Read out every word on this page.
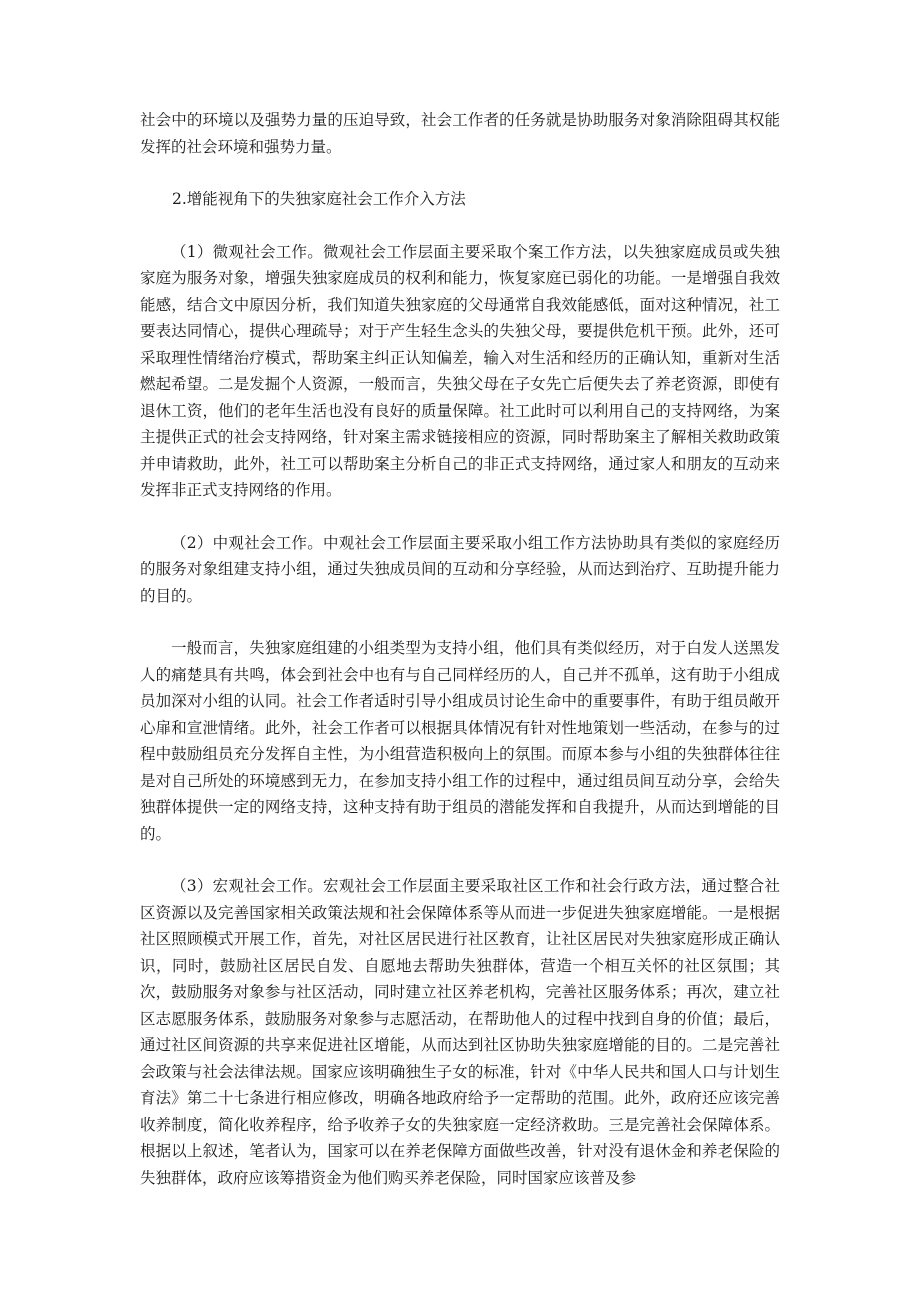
社会中的环境以及强势力量的压迫导致，社会工作者的任务就是协助服务对象消除阻碍其权能发挥的社会环境和强势力量。

2.增能视角下的失独家庭社会工作介入方法

（1）微观社会工作。微观社会工作层面主要采取个案工作方法，以失独家庭成员或失独家庭为服务对象，增强失独家庭成员的权利和能力，恢复家庭已弱化的功能。一是增强自我效能感，结合文中原因分析，我们知道失独家庭的父母通常自我效能感低，面对这种情况，社工要表达同情心，提供心理疏导；对于产生轻生念头的失独父母，要提供危机干预。此外，还可采取理性情绪治疗模式，帮助案主纠正认知偏差，输入对生活和经历的正确认知，重新对生活燃起希望。二是发掘个人资源，一般而言，失独父母在子女先亡后便失去了养老资源，即使有退休工资，他们的老年生活也没有良好的质量保障。社工此时可以利用自己的支持网络，为案主提供正式的社会支持网络，针对案主需求链接相应的资源，同时帮助案主了解相关救助政策并申请救助，此外，社工可以帮助案主分析自己的非正式支持网络，通过家人和朋友的互动来发挥非正式支持网络的作用。

（2）中观社会工作。中观社会工作层面主要采取小组工作方法协助具有类似的家庭经历的服务对象组建支持小组，通过失独成员间的互动和分享经验，从而达到治疗、互助提升能力的目的。

一般而言，失独家庭组建的小组类型为支持小组，他们具有类似经历，对于白发人送黑发人的痛楚具有共鸣，体会到社会中也有与自己同样经历的人，自己并不孤单，这有助于小组成员加深对小组的认同。社会工作者适时引导小组成员讨论生命中的重要事件，有助于组员敞开心扉和宣泄情绪。此外，社会工作者可以根据具体情况有针对性地策划一些活动，在参与的过程中鼓励组员充分发挥自主性，为小组营造积极向上的氛围。而原本参与小组的失独群体往往是对自己所处的环境感到无力，在参加支持小组工作的过程中，通过组员间互动分享，会给失独群体提供一定的网络支持，这种支持有助于组员的潜能发挥和自我提升，从而达到增能的目的。

（3）宏观社会工作。宏观社会工作层面主要采取社区工作和社会行政方法，通过整合社区资源以及完善国家相关政策法规和社会保障体系等从而进一步促进失独家庭增能。一是根据社区照顾模式开展工作，首先，对社区居民进行社区教育，让社区居民对失独家庭形成正确认识，同时，鼓励社区居民自发、自愿地去帮助失独群体，营造一个相互关怀的社区氛围；其次，鼓励服务对象参与社区活动，同时建立社区养老机构，完善社区服务体系；再次，建立社区志愿服务体系，鼓励服务对象参与志愿活动，在帮助他人的过程中找到自身的价值；最后，通过社区间资源的共享来促进社区增能，从而达到社区协助失独家庭增能的目的。二是完善社会政策与社会法律法规。国家应该明确独生子女的标准，针对《中华人民共和国人口与计划生育法》第二十七条进行相应修改，明确各地政府给予一定帮助的范围。此外，政府还应该完善收养制度，简化收养程序，给予收养子女的失独家庭一定经济救助。三是完善社会保障体系。根据以上叙述，笔者认为，国家可以在养老保障方面做些改善，针对没有退休金和养老保险的失独群体，政府应该筹措资金为他们购买养老保险，同时国家应该普及参
